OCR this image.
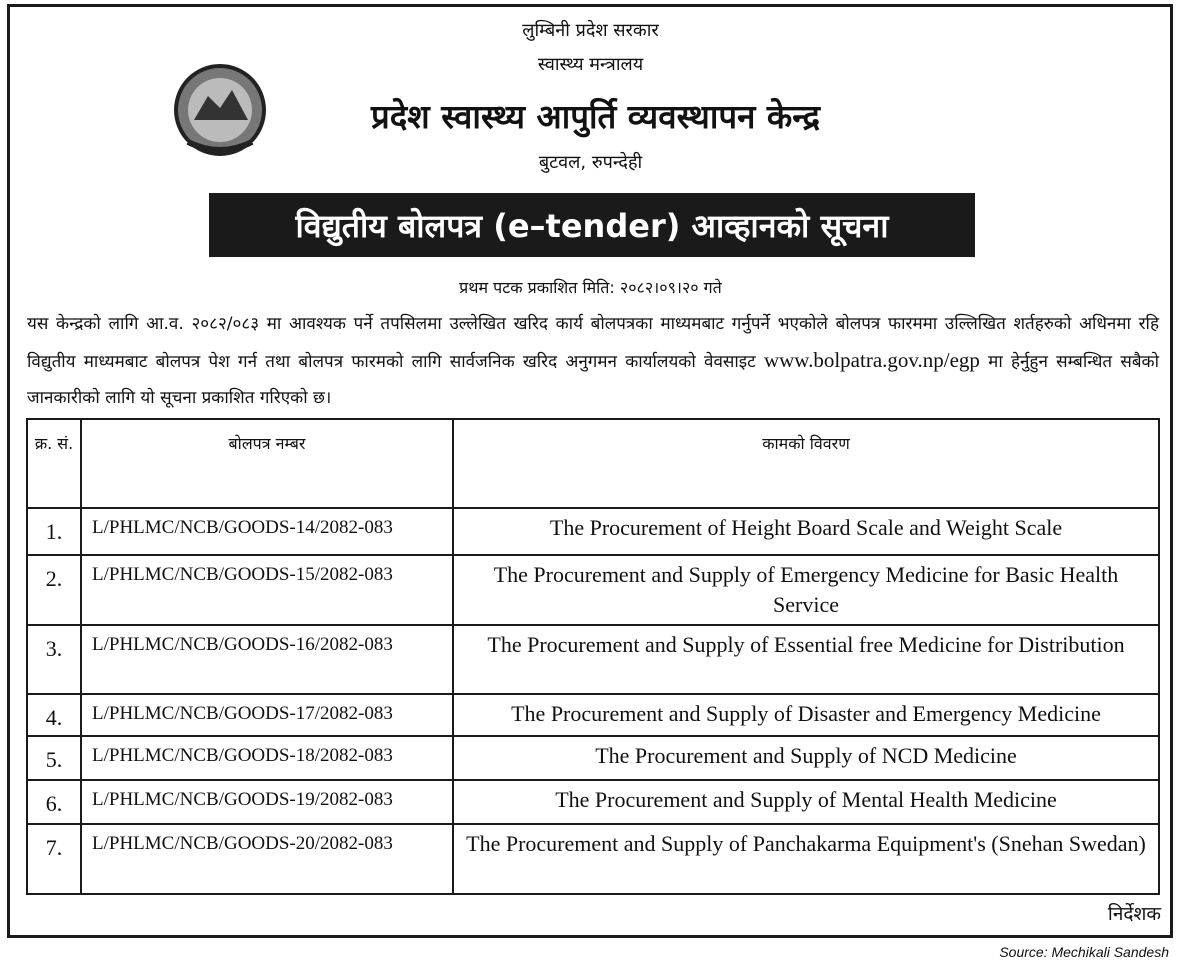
लुम्बिनी प्रदेश सरकार
स्वास्थ्य मन्त्रालय
प्रदेश स्वास्थ्य आपुर्ति व्यवस्थापन केन्द्र
बुटवल, रुपन्देही
विद्युतीय बोलपत्र (e–tender) आव्हानको सूचना
प्रथम पटक प्रकाशित मिति: २०८२।०९।२० गते
यस केन्द्रको लागि आ.व. २०८२/०८३ मा आवश्यक पर्ने तपसिलमा उल्लेखित खरिद कार्य बोलपत्रका माध्यमबाट गर्नुपर्ने भएकोले बोलपत्र फारममा उल्लिखित शर्तहरुको अधिनमा रहि विद्युतीय माध्यमबाट बोलपत्र पेश गर्न तथा बोलपत्र फारमको लागि सार्वजनिक खरिद अनुगमन कार्यालयको वेवसाइट www.bolpatra.gov.np/egp मा हेर्नुहुन सम्बन्धित सबैको जानकारीको लागि यो सूचना प्रकाशित गरिएको छ।
क्र. सं.	बोलपत्र नम्बर	कामको विवरण
1.	L/PHLMC/NCB/GOODS-14/2082-083	The Procurement of Height Board Scale and Weight Scale
2.	L/PHLMC/NCB/GOODS-15/2082-083	The Procurement and Supply of Emergency Medicine for Basic Health Service
3.	L/PHLMC/NCB/GOODS-16/2082-083	The Procurement and Supply of Essential free Medicine for Distribution
4.	L/PHLMC/NCB/GOODS-17/2082-083	The Procurement and Supply of Disaster and Emergency Medicine
5.	L/PHLMC/NCB/GOODS-18/2082-083	The Procurement and Supply of NCD Medicine
6.	L/PHLMC/NCB/GOODS-19/2082-083	The Procurement and Supply of Mental Health Medicine
7.	L/PHLMC/NCB/GOODS-20/2082-083	The Procurement and Supply of Panchakarma Equipment's (Snehan Swedan)
निर्देशक
Source: Mechikali Sandesh
